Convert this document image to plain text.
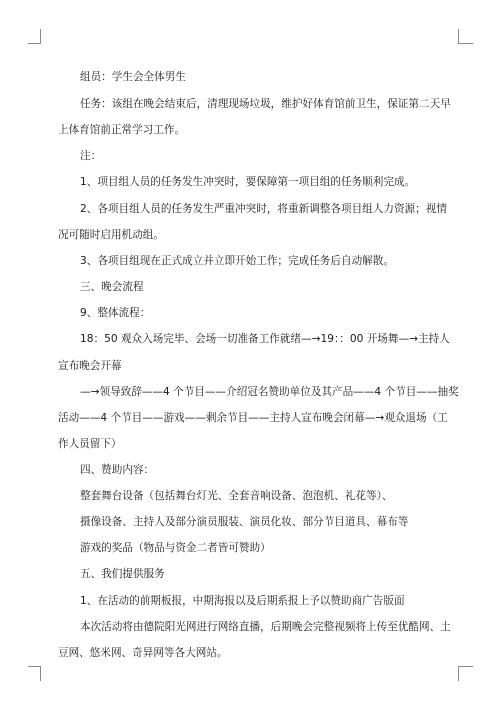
组员：学生会全体男生
任务：该组在晚会结束后，清理现场垃圾，维护好体育馆前卫生，保证第二天早
上体育馆前正常学习工作。
注：
1、项目组人员的任务发生冲突时，要保障第一项目组的任务顺利完成。
2、各项目组人员的任务发生严重冲突时，将重新调整各项目组人力资源；视情
况可随时启用机动组。
3、各项目组现在正式成立并立即开始工作；完成任务后自动解散。
三、晚会流程
9、整体流程：
18：50 观众入场完毕、会场一切准备工作就绪—→19：：00 开场舞—→主持人
宣布晚会开幕
—→领导致辞——4 个节目——介绍冠名赞助单位及其产品——4 个节目——抽奖
活动——4 个节目——游戏——剩余节目——主持人宣布晚会闭幕—→观众退场（工
作人员留下）
四、赞助内容：
整套舞台设备（包括舞台灯光、全套音响设备、泡泡机、礼花等）、
摄像设备、主持人及部分演员服装、演员化妆、部分节目道具、幕布等
游戏的奖品（物品与资金二者皆可赞助）
五、我们提供服务
1、在活动的前期板报，中期海报以及后期系报上予以赞助商广告版面
本次活动将由德院阳光网进行网络直播，后期晚会完整视频将上传至优酷网、土
豆网、悠米网、奇异网等各大网站。
